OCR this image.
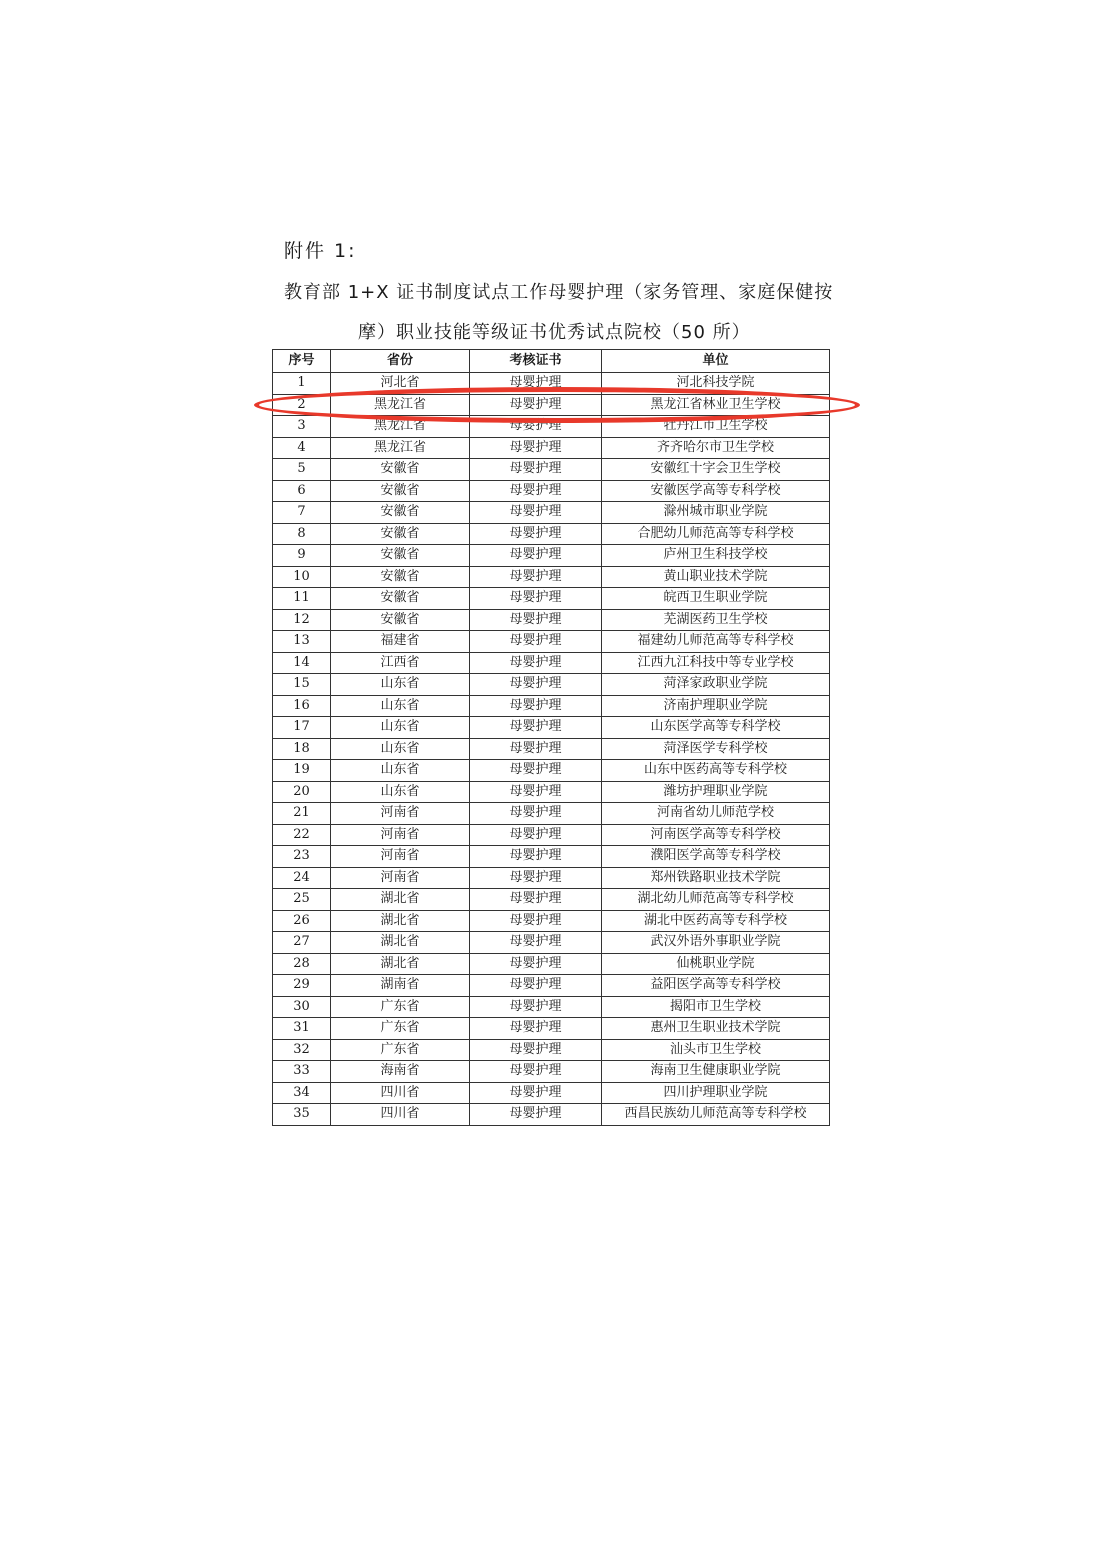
附件 1:
教育部 1+X 证书制度试点工作母婴护理（家务管理、家庭保健按
摩）职业技能等级证书优秀试点院校（50 所）
序号	省份	考核证书	单位
1	河北省	母婴护理	河北科技学院
2	黑龙江省	母婴护理	黑龙江省林业卫生学校
3	黑龙江省	母婴护理	牡丹江市卫生学校
4	黑龙江省	母婴护理	齐齐哈尔市卫生学校
5	安徽省	母婴护理	安徽红十字会卫生学校
6	安徽省	母婴护理	安徽医学高等专科学校
7	安徽省	母婴护理	滁州城市职业学院
8	安徽省	母婴护理	合肥幼儿师范高等专科学校
9	安徽省	母婴护理	庐州卫生科技学校
10	安徽省	母婴护理	黄山职业技术学院
11	安徽省	母婴护理	皖西卫生职业学院
12	安徽省	母婴护理	芜湖医药卫生学校
13	福建省	母婴护理	福建幼儿师范高等专科学校
14	江西省	母婴护理	江西九江科技中等专业学校
15	山东省	母婴护理	菏泽家政职业学院
16	山东省	母婴护理	济南护理职业学院
17	山东省	母婴护理	山东医学高等专科学校
18	山东省	母婴护理	菏泽医学专科学校
19	山东省	母婴护理	山东中医药高等专科学校
20	山东省	母婴护理	潍坊护理职业学院
21	河南省	母婴护理	河南省幼儿师范学校
22	河南省	母婴护理	河南医学高等专科学校
23	河南省	母婴护理	濮阳医学高等专科学校
24	河南省	母婴护理	郑州铁路职业技术学院
25	湖北省	母婴护理	湖北幼儿师范高等专科学校
26	湖北省	母婴护理	湖北中医药高等专科学校
27	湖北省	母婴护理	武汉外语外事职业学院
28	湖北省	母婴护理	仙桃职业学院
29	湖南省	母婴护理	益阳医学高等专科学校
30	广东省	母婴护理	揭阳市卫生学校
31	广东省	母婴护理	惠州卫生职业技术学院
32	广东省	母婴护理	汕头市卫生学校
33	海南省	母婴护理	海南卫生健康职业学院
34	四川省	母婴护理	四川护理职业学院
35	四川省	母婴护理	西昌民族幼儿师范高等专科学校
